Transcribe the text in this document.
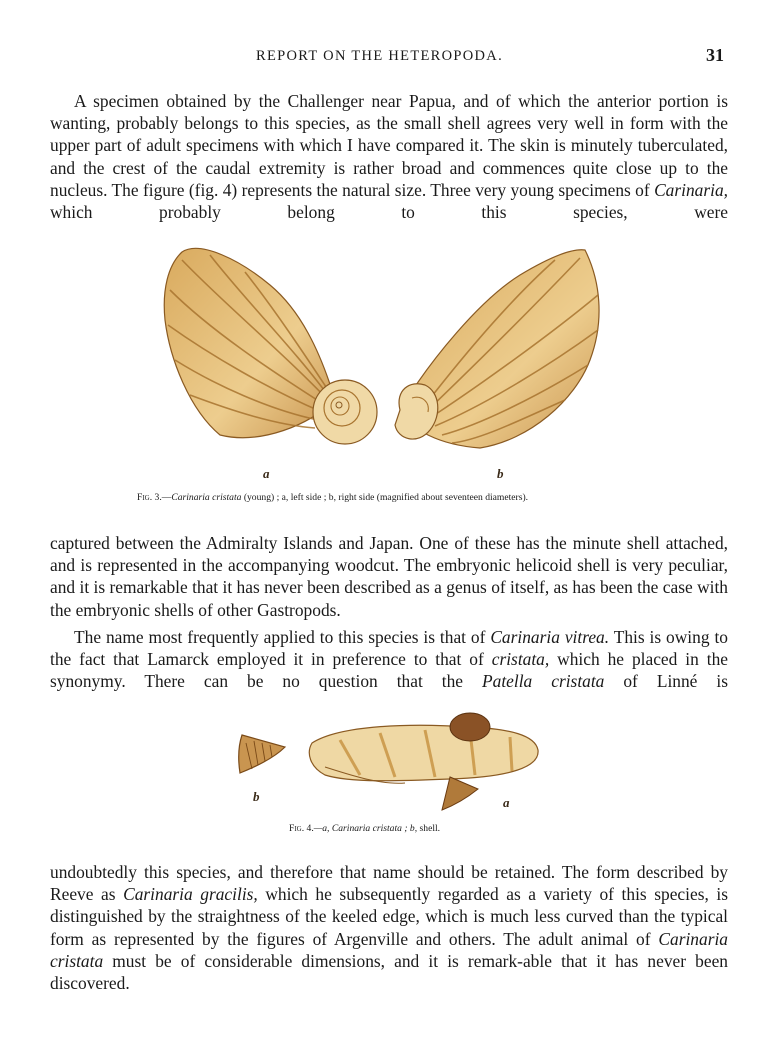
REPORT ON THE HETEROPODA.	31

A specimen obtained by the Challenger near Papua, and of which the anterior portion is wanting, probably belongs to this species, as the small shell agrees very well in form with the upper part of adult specimens with which I have compared it. The skin is minutely tuberculated, and the crest of the caudal extremity is rather broad and commences quite close up to the nucleus. The figure (fig. 4) represents the natural size. Three very young specimens of Carinaria, which probably belong to this species, were

a	b
Fig. 3.—Carinaria cristata (young) ; a, left side ; b, right side (magnified about seventeen diameters).

captured between the Admiralty Islands and Japan. One of these has the minute shell attached, and is represented in the accompanying woodcut. The embryonic helicoid shell is very peculiar, and it is remarkable that it has never been described as a genus of itself, as has been the case with the embryonic shells of other Gastropods.

The name most frequently applied to this species is that of Carinaria vitrea. This is owing to the fact that Lamarck employed it in preference to that of cristata, which he placed in the synonymy. There can be no question that the Patella cristata of Linné is

b	a
Fig. 4.—a, Carinaria cristata ; b, shell.

undoubtedly this species, and therefore that name should be retained. The form described by Reeve as Carinaria gracilis, which he subsequently regarded as a variety of this species, is distinguished by the straightness of the keeled edge, which is much less curved than the typical form as represented by the figures of Argenville and others. The adult animal of Carinaria cristata must be of considerable dimensions, and it is remark-able that it has never been discovered.
